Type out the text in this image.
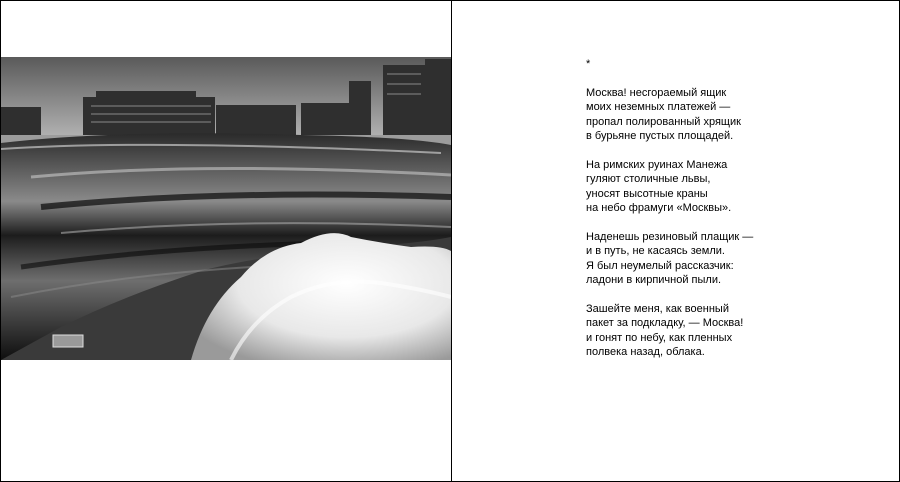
*
Москва! несгораемый ящик
моих неземных платежей —
пропал полированный хрящик
в бурьяне пустых площадей.
На римских руинах Манежа
гуляют столичные львы,
уносят высотные краны
на небо фрамуги «Москвы».
Наденешь резиновый плащик —
и в путь, не касаясь земли.
Я был неумелый рассказчик:
ладони в кирпичной пыли.
Зашейте меня, как военный
пакет за подкладку, — Москва!
и гонят по небу, как пленных
полвека назад, облака.
